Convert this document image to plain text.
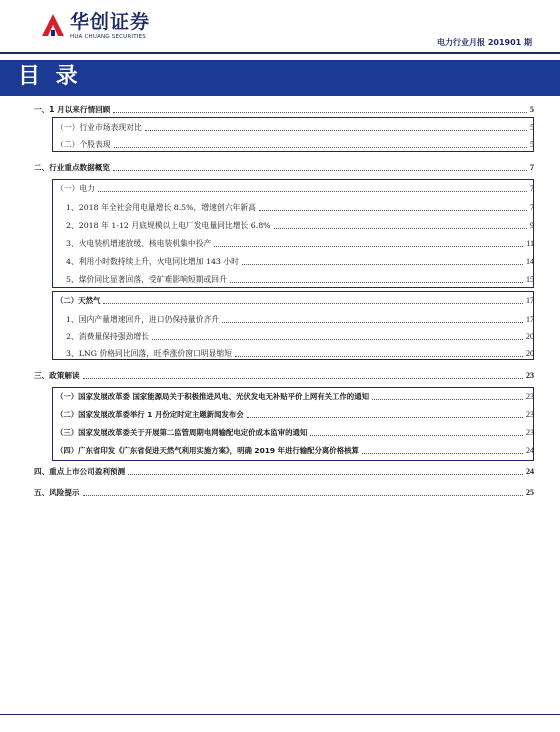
华创证券
HUA CHUANG SECURITIES
电力行业月报 201901 期
目 录
一、1 月以来行情回顾	5
（一）行业市场表现对比	5
（二）个股表现	5
二、行业重点数据概览	7
（一）电力	7
1、2018 年全社会用电量增长 8.5%，增速创六年新高	7
2、2018 年 1-12 月底规模以上电厂发电量同比增长 6.8%	9
3、火电装机增速放缓、核电装机集中投产	11
4、利用小时数持续上升，火电同比增加 143 小时	14
5、煤价同比显著回落，受矿难影响短期或回升	15
（二）天然气	17
1、国内产量增速回升，进口仍保持量价齐升	17
2、消费量保持强劲增长	20
3、LNG 价格同比回落，旺季涨价窗口明显缩短	20
三、政策解读	23
（一）国家发展改革委 国家能源局关于积极推进风电、光伏发电无补贴平价上网有关工作的通知	23
（二）国家发展改革委举行 1 月份定时定主题新闻发布会	23
（三）国家发展改革委关于开展第二监管周期电网输配电定价成本监审的通知	23
（四）广东省印发《广东省促进天然气利用实施方案》，明确 2019 年进行输配分离价格核算	24
四、重点上市公司盈利预测	24
五、风险提示	25
